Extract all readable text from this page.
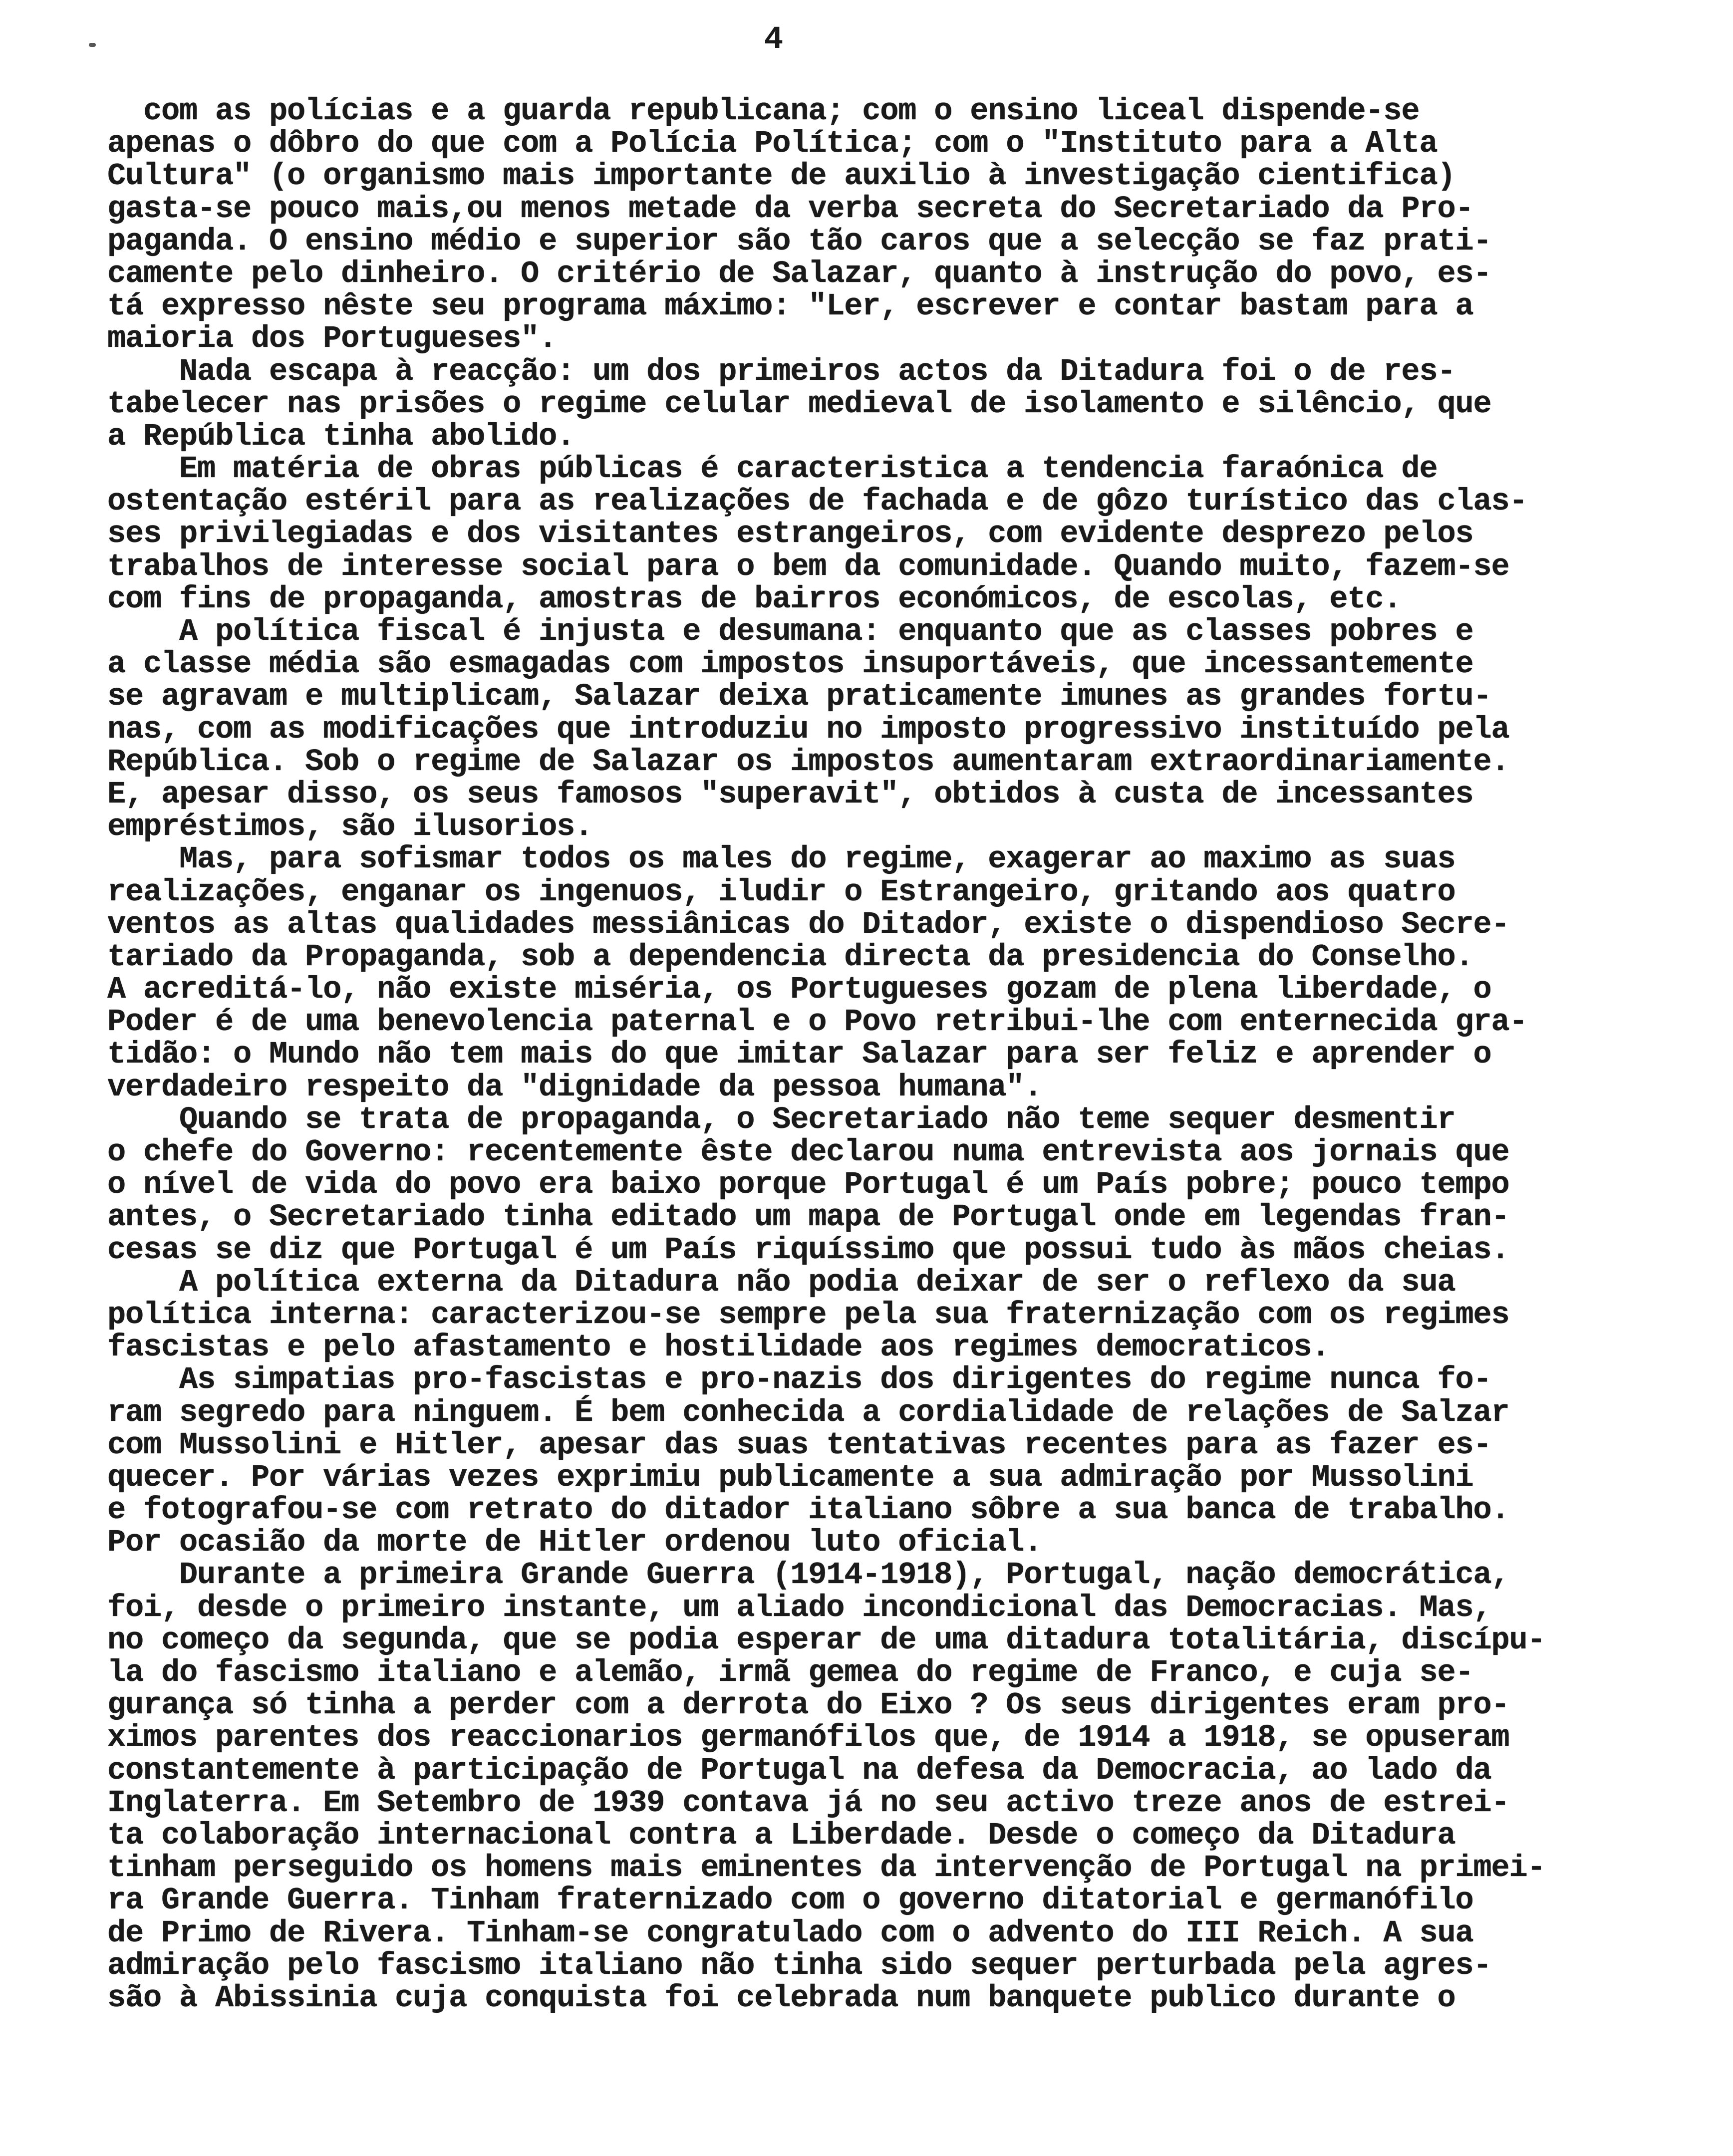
4
com as polícias e a guarda republicana; com o ensino liceal dispende-se
apenas o dôbro do que com a Polícia Política; com o "Instituto para a Alta
Cultura" (o organismo mais importante de auxilio à investigação cientifica)
gasta-se pouco mais,ou menos metade da verba secreta do Secretariado da Pro-
paganda. O ensino médio e superior são tão caros que a selecção se faz prati-
camente pelo dinheiro. O critério de Salazar, quanto à instrução do povo, es-
tá expresso nêste seu programa máximo: "Ler, escrever e contar bastam para a
maioria dos Portugueses".
Nada escapa à reacção: um dos primeiros actos da Ditadura foi o de res-
tabelecer nas prisões o regime celular medieval de isolamento e silêncio, que
a República tinha abolido.
Em matéria de obras públicas é caracteristica a tendencia faraónica de
ostentação estéril para as realizações de fachada e de gôzo turístico das clas-
ses privilegiadas e dos visitantes estrangeiros, com evidente desprezo pelos
trabalhos de interesse social para o bem da comunidade. Quando muito, fazem-se
com fins de propaganda, amostras de bairros económicos, de escolas, etc.
A política fiscal é injusta e desumana: enquanto que as classes pobres e
a classe média são esmagadas com impostos insuportáveis, que incessantemente
se agravam e multiplicam, Salazar deixa praticamente imunes as grandes fortu-
nas, com as modificações que introduziu no imposto progressivo instituído pela
República. Sob o regime de Salazar os impostos aumentaram extraordinariamente.
E, apesar disso, os seus famosos "superavit", obtidos à custa de incessantes
empréstimos, são ilusorios.
Mas, para sofismar todos os males do regime, exagerar ao maximo as suas
realizações, enganar os ingenuos, iludir o Estrangeiro, gritando aos quatro
ventos as altas qualidades messiânicas do Ditador, existe o dispendioso Secre-
tariado da Propaganda, sob a dependencia directa da presidencia do Conselho.
A acreditá-lo, não existe miséria, os Portugueses gozam de plena liberdade, o
Poder é de uma benevolencia paternal e o Povo retribui-lhe com enternecida gra-
tidão: o Mundo não tem mais do que imitar Salazar para ser feliz e aprender o
verdadeiro respeito da "dignidade da pessoa humana".
Quando se trata de propaganda, o Secretariado não teme sequer desmentir
o chefe do Governo: recentemente êste declarou numa entrevista aos jornais que
o nível de vida do povo era baixo porque Portugal é um País pobre; pouco tempo
antes, o Secretariado tinha editado um mapa de Portugal onde em legendas fran-
cesas se diz que Portugal é um País riquíssimo que possui tudo às mãos cheias.
A política externa da Ditadura não podia deixar de ser o reflexo da sua
política interna: caracterizou-se sempre pela sua fraternização com os regimes
fascistas e pelo afastamento e hostilidade aos regimes democraticos.
As simpatias pro-fascistas e pro-nazis dos dirigentes do regime nunca fo-
ram segredo para ninguem. É bem conhecida a cordialidade de relações de Salzar
com Mussolini e Hitler, apesar das suas tentativas recentes para as fazer es-
quecer. Por várias vezes exprimiu publicamente a sua admiração por Mussolini
e fotografou-se com retrato do ditador italiano sôbre a sua banca de trabalho.
Por ocasião da morte de Hitler ordenou luto oficial.
Durante a primeira Grande Guerra (1914-1918), Portugal, nação democrática,
foi, desde o primeiro instante, um aliado incondicional das Democracias. Mas,
no começo da segunda, que se podia esperar de uma ditadura totalitária, discípu-
la do fascismo italiano e alemão, irmã gemea do regime de Franco, e cuja se-
gurança só tinha a perder com a derrota do Eixo ? Os seus dirigentes eram pro-
ximos parentes dos reaccionarios germanófilos que, de 1914 a 1918, se opuseram
constantemente à participação de Portugal na defesa da Democracia, ao lado da
Inglaterra. Em Setembro de 1939 contava já no seu activo treze anos de estrei-
ta colaboração internacional contra a Liberdade. Desde o começo da Ditadura
tinham perseguido os homens mais eminentes da intervenção de Portugal na primei-
ra Grande Guerra. Tinham fraternizado com o governo ditatorial e germanófilo
de Primo de Rivera. Tinham-se congratulado com o advento do III Reich. A sua
admiração pelo fascismo italiano não tinha sido sequer perturbada pela agres-
são à Abissinia cuja conquista foi celebrada num banquete publico durante o
